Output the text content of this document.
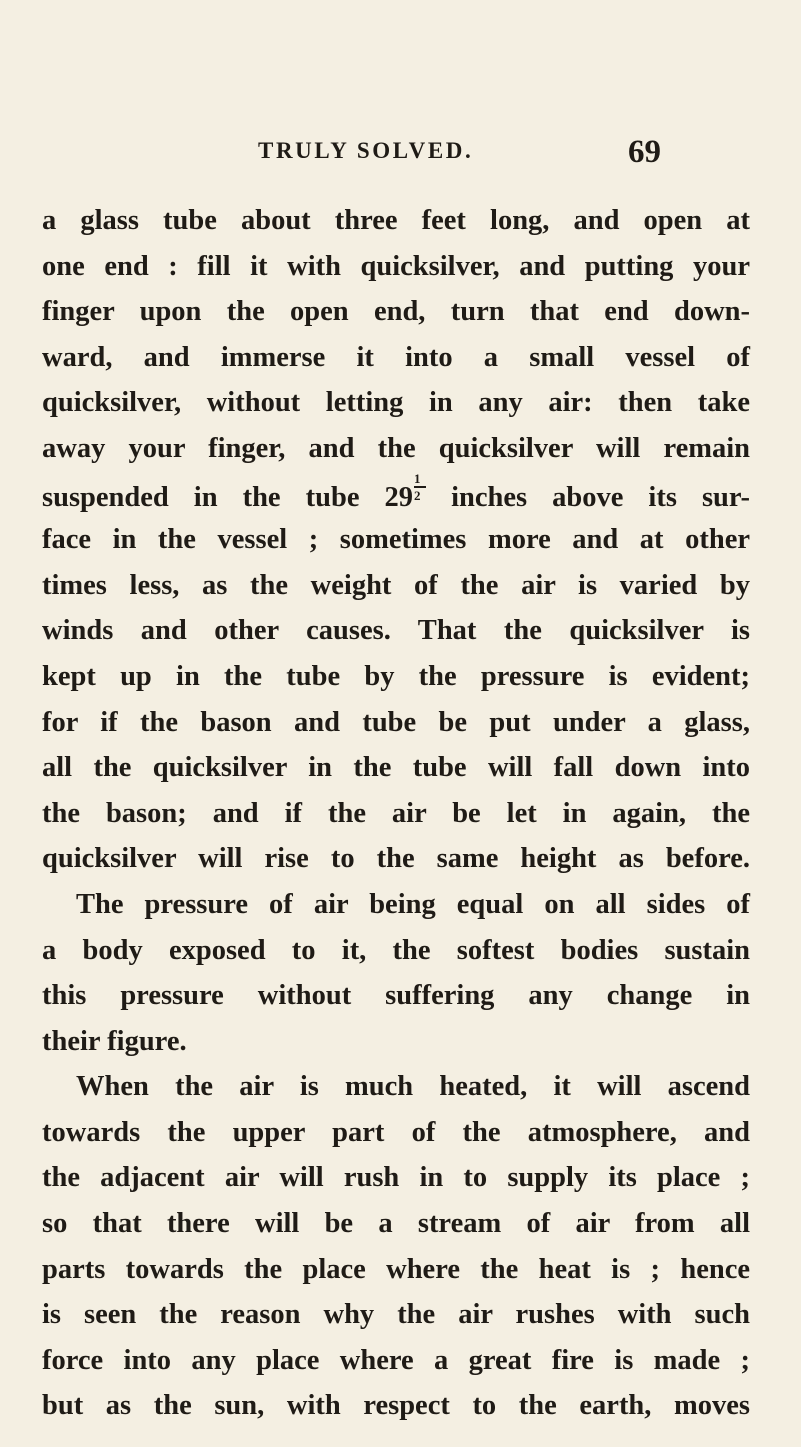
TRULY SOLVED.	69
a glass tube about three feet long, and open at
one end : fill it with quicksilver, and putting your
finger upon the open end, turn that end down-
ward, and immerse it into a small vessel of
quicksilver, without letting in any air: then take
away your finger, and the quicksilver will remain
suspended in the tube $29 \frac{1}{2}$ inches above its sur-
face in the vessel ; sometimes more and at other
times less, as the weight of the air is varied by
winds and other causes. That the quicksilver is
kept up in the tube by the pressure is evident;
for if the bason and tube be put under a glass,
all the quicksilver in the tube will fall down into
the bason; and if the air be let in again, the
quicksilver will rise to the same height as before.
The pressure of air being equal on all sides of
a body exposed to it, the softest bodies sustain
this pressure without suffering any change in
their figure.
When the air is much heated, it will ascend
towards the upper part of the atmosphere, and
the adjacent air will rush in to supply its place ;
so that there will be a stream of air from all
parts towards the place where the heat is ; hence
is seen the reason why the air rushes with such
force into any place where a great fire is made ;
but as the sun, with respect to the earth, moves
